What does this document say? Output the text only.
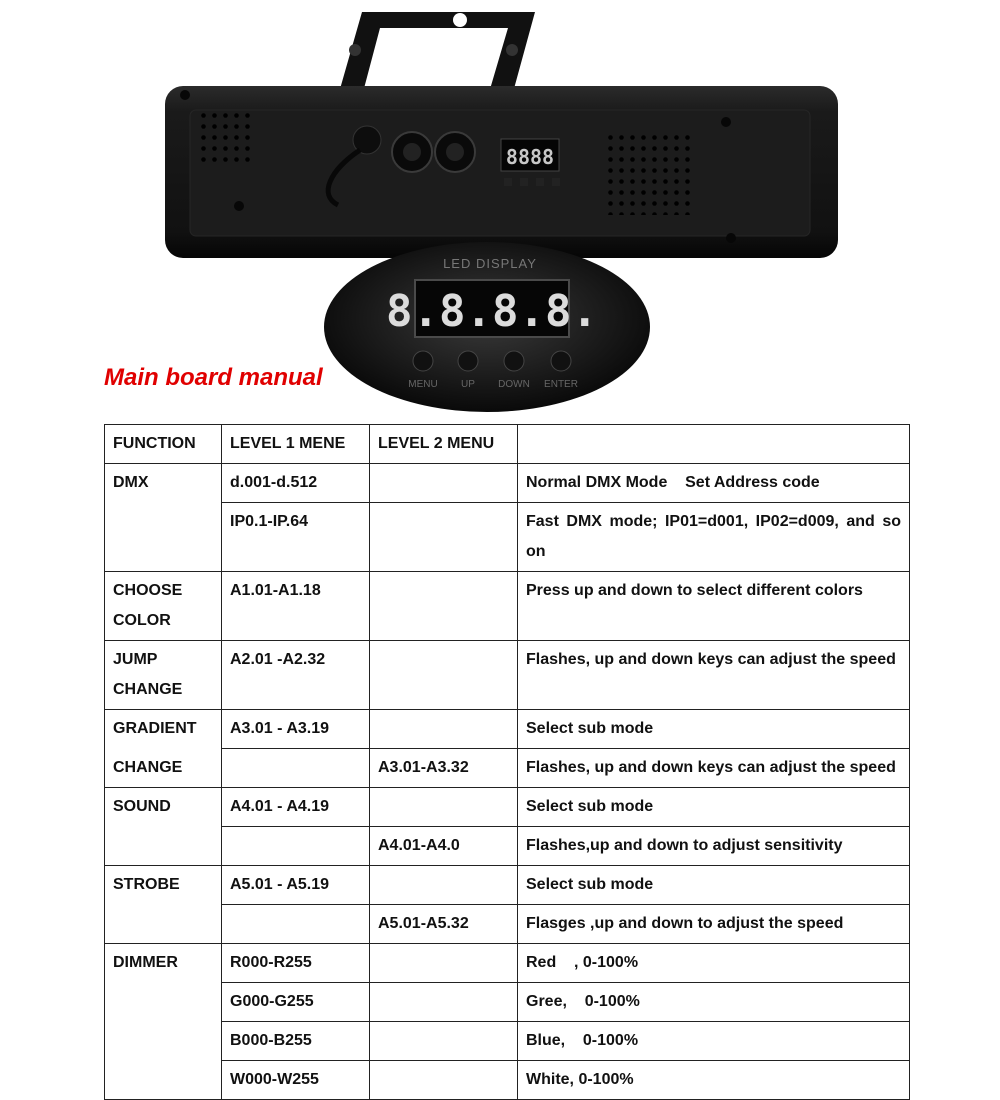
8888
LED DISPLAY
8.8.8.8.
MENU UP DOWN ENTER
Main board manual
FUNCTION	LEVEL 1 MENE	LEVEL 2 MENU	
DMX	d.001-d.512		Normal DMX Mode    Set Address code
	IP0.1-IP.64		Fast DMX mode; IP01=d001, IP02=d009, and so on
CHOOSE COLOR	A1.01-A1.18		Press up and down to select different colors
JUMP CHANGE	A2.01 -A2.32		Flashes, up and down keys can adjust the speed
GRADIENT	A3.01 - A3.19		Select sub mode
CHANGE		A3.01-A3.32	Flashes, up and down keys can adjust the speed
SOUND	A4.01 - A4.19		Select sub mode
		A4.01-A4.0	Flashes,up and down to adjust sensitivity
STROBE	A5.01 - A5.19		Select sub mode
		A5.01-A5.32	Flasges ,up and down to adjust the speed
DIMMER	R000-R255		Red    , 0-100%
	G000-G255		Gree,    0-100%
	B000-B255		Blue,    0-100%
	W000-W255		White, 0-100%
